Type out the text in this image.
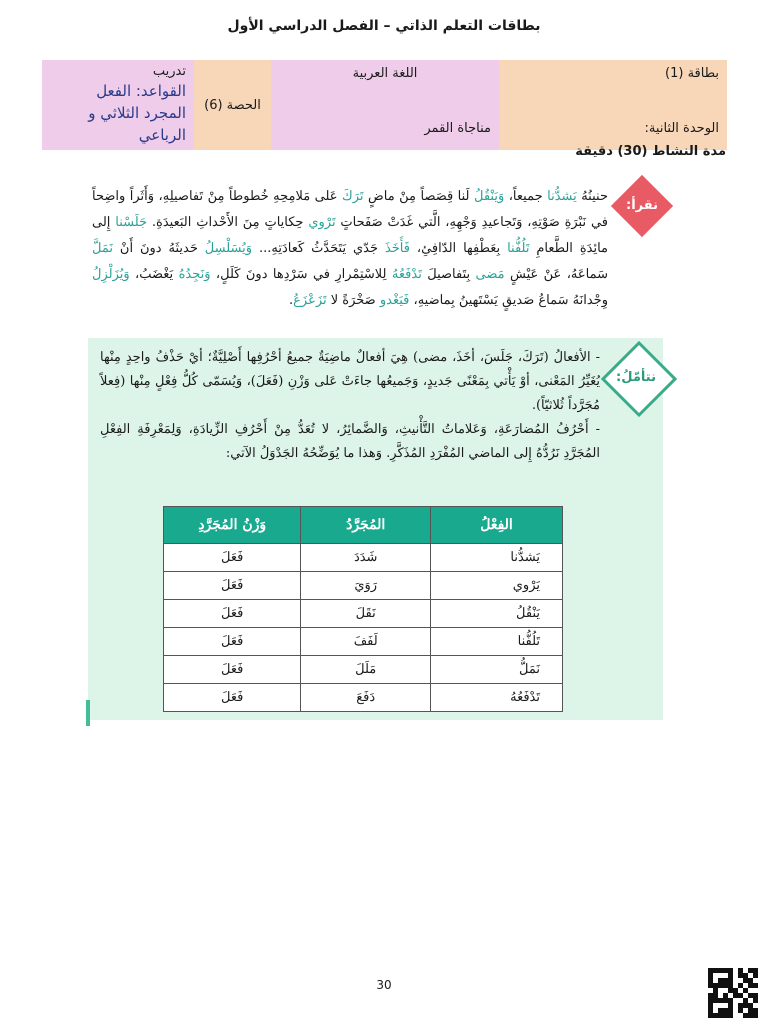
بطاقات التعلم الذاتي – الفصل الدراسي الأول
تدريب
القواعد: الفعل المجرد الثلاثي و الرباعي
الحصة (6)
اللغة العربية
مناجاة القمر
بطاقة (1)
الوحدة الثانية:
مدة النشاط (30) دقيقة
نقرأ:
حنينُهُ يَشدُّنا جميعاً، وَيَنْقُلُ لَنا قِصَصاً مِنْ ماضٍ تَرَكَ عَلى مَلامِحِهِ خُطوطاً مِنْ تَفاصيلِهِ، وَأَثَراً واضِحاً في نَبْرَةِ صَوْتِهِ، وَتَجاعيدِ وَجْهِهِ، الَّتي غَدَتْ صَفَحاتٍ تَرْوي حِكاياتٍ مِنَ الأَحْداثِ البَعيدَةِ. جَلَسْنا إِلى مائِدَةِ الطَّعامِ تَلُفُّنا بِعَطْفِها الدّافِئِ، فَأَخَذَ جَدّي يَتَحَدَّثُ كَعادَتِهِ... وَيُسَلْسِلُ حَديثَهُ دونَ أَنْ نَمَلَّ سَماعَهُ، عَنْ عَيْشٍ مَضى بِتَفاصيلَ تَدْفَعُهُ لِلاسْتِمْرارِ في سَرْدِها دونَ كَلَلٍ، وَنَجِدُهُ يَغْضَبُ، وَيُزَلْزِلُ وِجْدانَهُ سَماعُ صَديقٍ يَسْتَهينُ بِماضيهِ، فَيَغْدو صَخْرَةً لا تَزَعْزَعُ.
نتأمّلُ:

- الأفعالُ (تَرَكَ، جَلَسَ، أخَذَ، مضى) هِيَ أفعالٌ ماضِيَةٌ جميعُ أحْرُفِها أَصْلِيَّةٌ؛ أيْ حَذْفُ واحِدٍ مِنْها يُغَيِّرُ المَعْنى، أوْ يَأْتي بِمَعْنًى جَديدٍ، وَجَميعُها جاءَتْ عَلى وَزْنِ (فَعَلَ)، وَيُسَمّى كُلُّ فِعْلٍ مِنْها (فِعلاً مُجَرَّداً ثُلاثيّاً).

- أَحْرُفُ المُضارَعَةِ، وَعَلاماتُ التَّأْنيثِ، وَالضَّمائِرُ، لا تُعَدُّ مِنْ أَحْرُفِ الزِّيادَةِ، وَلِمَعْرِفَةِ الفِعْلِ المُجَرَّدِ نَرُدُّهُ إِلى الماضي المُفْرَدِ المُذَكَّرِ. وَهذا ما يُوَضِّحُهُ الجَدْوَلُ الآتي:

الفِعْلُ	المُجَرَّدُ	وَزْنُ المُجَرَّدِ
يَشدُّنا	شَدَدَ	فَعَلَ
يَرْوي	رَوَيَ	فَعَلَ
يَنْقُلُ	نَقَلَ	فَعَلَ
تَلُفُّنا	لَفَفَ	فَعَلَ
نَمَلُّ	مَلَلَ	فَعَلَ
تَدْفَعُهُ	دَفَعَ	فَعَلَ
30
